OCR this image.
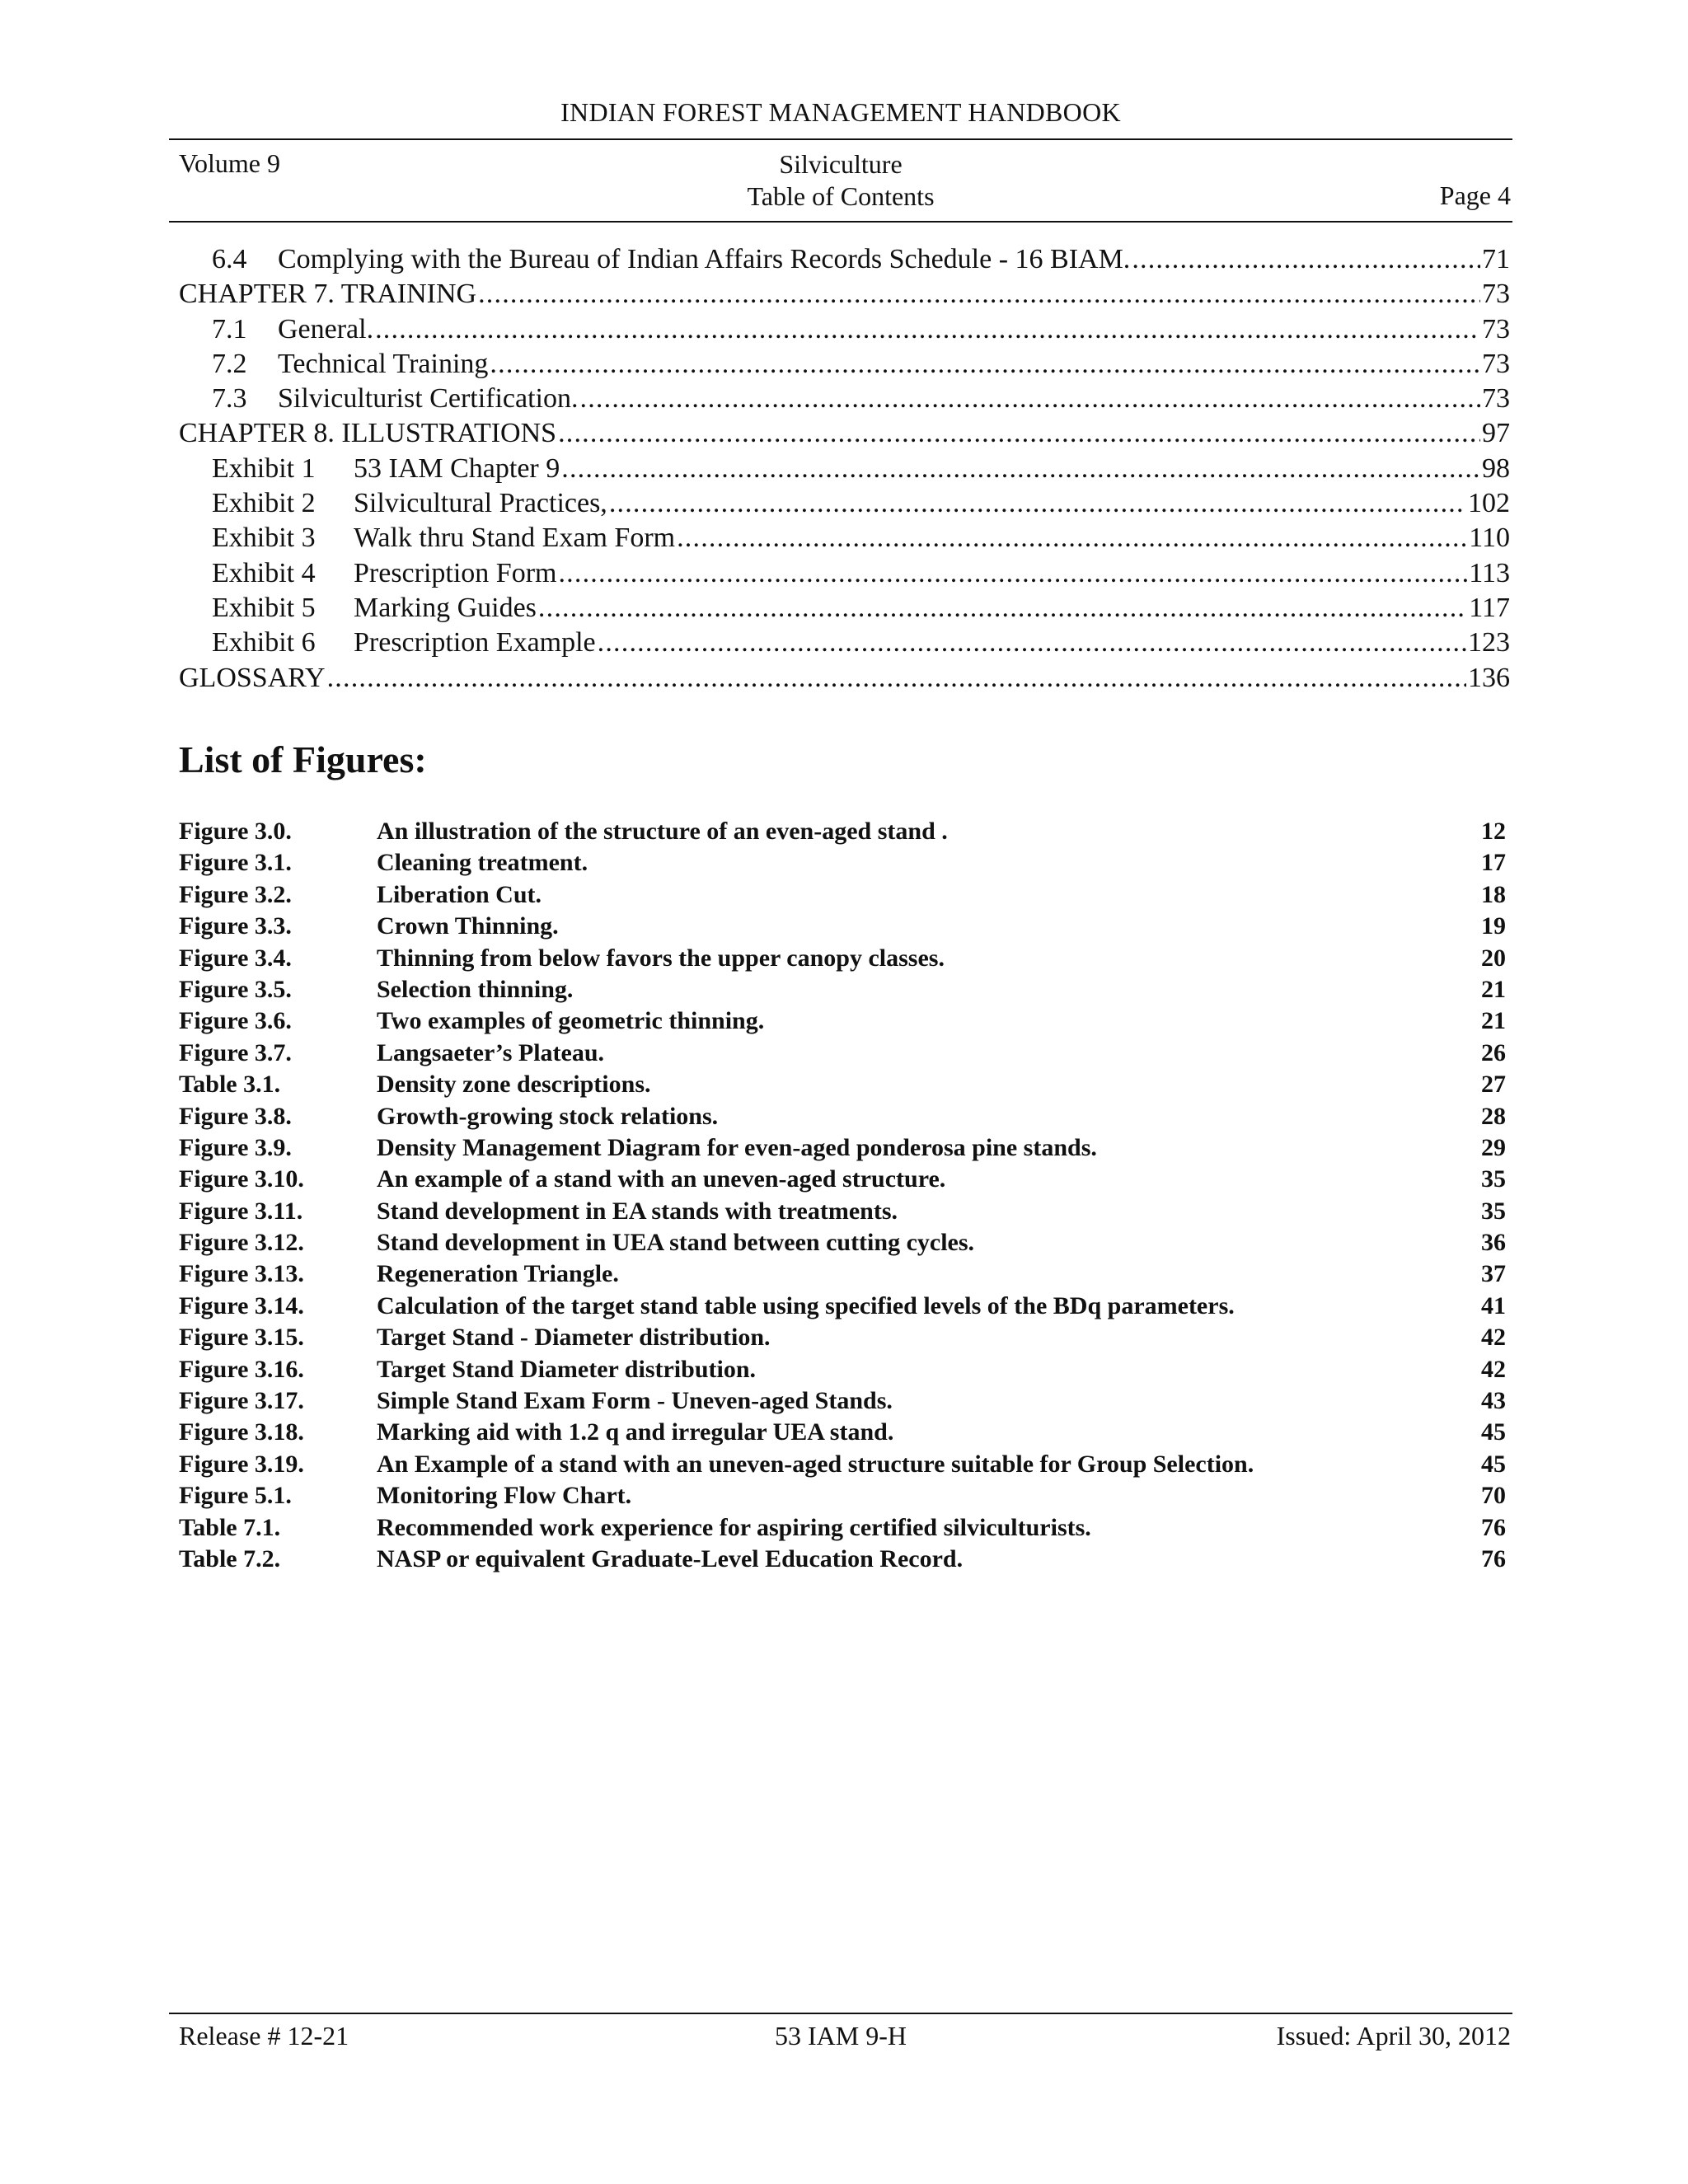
INDIAN FOREST MANAGEMENT HANDBOOK
Volume 9	Silviculture
Table of Contents	Page 4
6.4	Complying with the Bureau of Indian Affairs Records Schedule - 16 BIAM. .....	71
CHAPTER 7. TRAINING .....	73
7.1	General. .....	73
7.2	Technical Training .....	73
7.3	Silviculturist Certification. .....	73
CHAPTER 8. ILLUSTRATIONS .....	97
Exhibit 1	53 IAM Chapter 9 .....	98
Exhibit 2	Silvicultural Practices, .....	102
Exhibit 3	Walk thru Stand Exam Form .....	110
Exhibit 4	Prescription Form .....	113
Exhibit 5	Marking Guides .....	117
Exhibit 6	Prescription Example .....	123
GLOSSARY .....	136
List of Figures:
Figure 3.0.	An illustration of the structure of an even-aged stand .	12
Figure 3.1.	Cleaning treatment.	17
Figure 3.2.	Liberation Cut.	18
Figure 3.3.	Crown Thinning.	19
Figure 3.4.	Thinning from below favors the upper canopy classes.	20
Figure 3.5.	Selection thinning.	21
Figure 3.6.	Two examples of geometric thinning.	21
Figure 3.7.	Langsaeter’s Plateau.	26
Table 3.1.	Density zone descriptions.	27
Figure 3.8.	Growth-growing stock relations.	28
Figure 3.9.	Density Management Diagram for even-aged ponderosa pine stands.	29
Figure 3.10.	An example of a stand with an uneven-aged structure.	35
Figure 3.11.	Stand development in EA stands with treatments.	35
Figure 3.12.	Stand development in UEA stand between cutting cycles.	36
Figure 3.13.	Regeneration Triangle.	37
Figure 3.14.	Calculation of the target stand table using specified levels of the BDq parameters.	41
Figure 3.15.	Target Stand - Diameter distribution.	42
Figure 3.16.	Target Stand Diameter distribution.	42
Figure 3.17.	Simple Stand Exam Form - Uneven-aged Stands.	43
Figure 3.18.	Marking aid with 1.2 q and irregular UEA stand.	45
Figure 3.19.	An Example of a stand with an uneven-aged structure suitable for Group Selection.	45
Figure 5.1.	Monitoring Flow Chart.	70
Table 7.1.	Recommended work experience for aspiring certified silviculturists.	76
Table 7.2.	NASP or equivalent Graduate-Level Education Record.	76
Release # 12-21	53 IAM 9-H	Issued: April 30, 2012
